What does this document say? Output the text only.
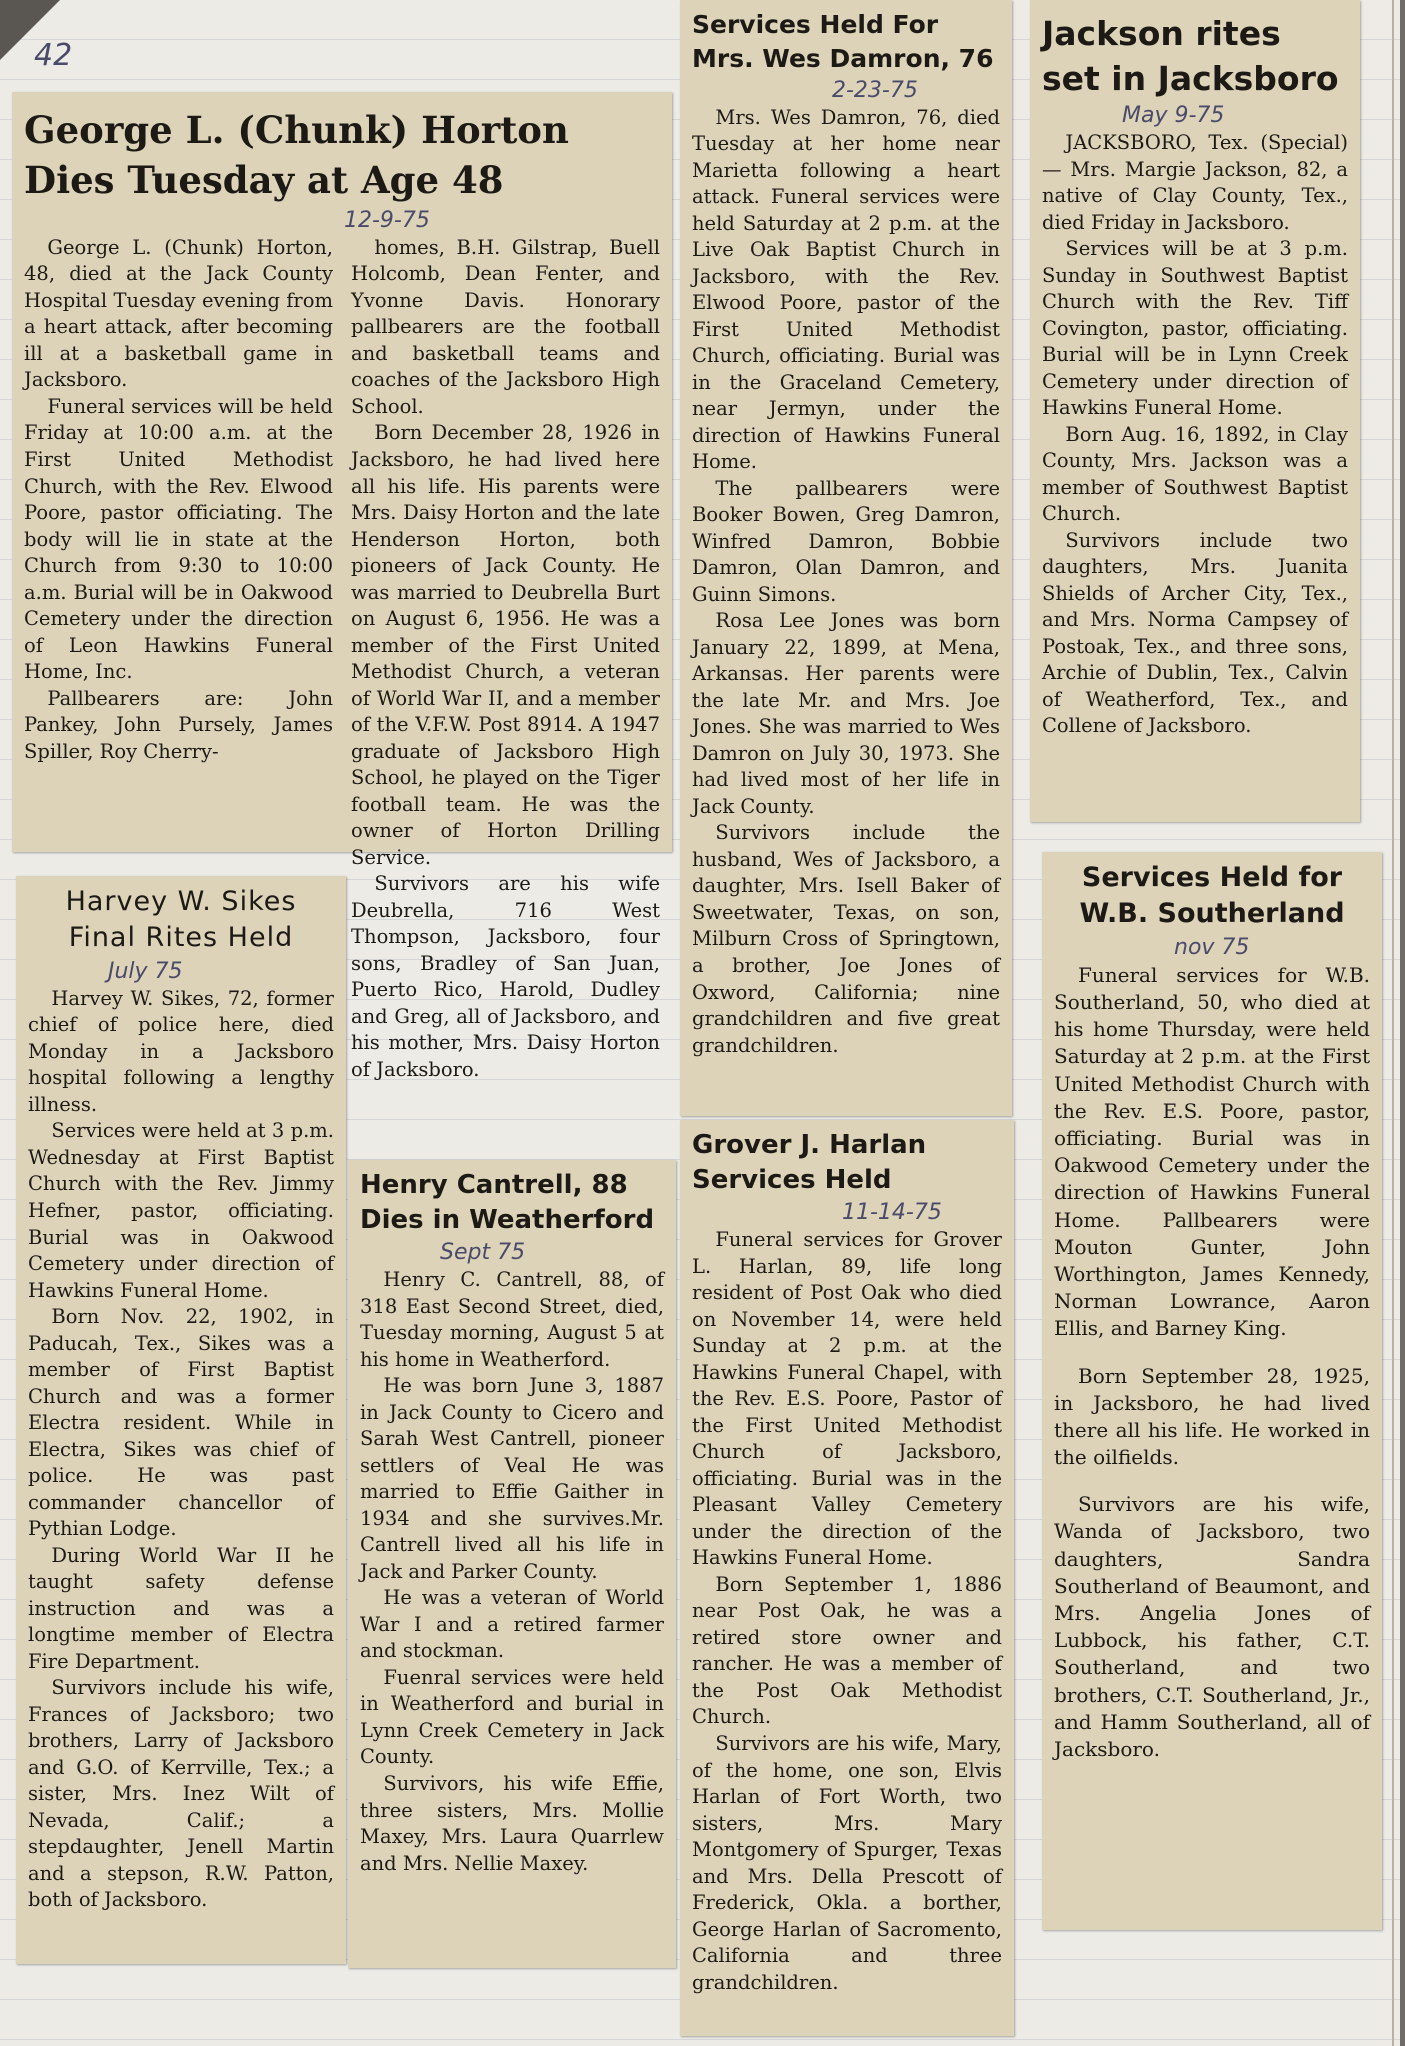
42
George L. (Chunk) Horton Dies Tuesday at Age 48
12-9-75

George L. (Chunk) Horton, 48, died at the Jack County Hospital Tuesday evening from a heart attack, after becoming ill at a basketball game in Jacksboro.

Funeral services will be held Friday at 10:00 a.m. at the First United Methodist Church, with the Rev. Elwood Poore, pastor officiating. The body will lie in state at the Church from 9:30 to 10:00 a.m. Burial will be in Oakwood Cemetery under the direction of Leon Hawkins Funeral Home, Inc.

Pallbearers are: John Pankey, John Pursely, James Spiller, Roy Cherry-

homes, B.H. Gilstrap, Buell Holcomb, Dean Fenter, and Yvonne Davis. Honorary pallbearers are the football and basketball teams and coaches of the Jacksboro High School.

Born December 28, 1926 in Jacksboro, he had lived here all his life. His parents were Mrs. Daisy Horton and the late Henderson Horton, both pioneers of Jack County. He was married to Deubrella Burt on August 6, 1956. He was a member of the First United Methodist Church, a veteran of World War II, and a member of the V.F.W. Post 8914. A 1947 graduate of Jacksboro High School, he played on the Tiger football team. He was the owner of Horton Drilling Service.

Survivors are his wife Deubrella, 716 West Thompson, Jacksboro, four sons, Bradley of San Juan, Puerto Rico, Harold, Dudley and Greg, all of Jacksboro, and his mother, Mrs. Daisy Horton of Jacksboro.

Services Held For Mrs. Wes Damron, 76
2-23-75

Mrs. Wes Damron, 76, died Tuesday at her home near Marietta following a heart attack. Funeral services were held Saturday at 2 p.m. at the Live Oak Baptist Church in Jacksboro, with the Rev. Elwood Poore, pastor of the First United Methodist Church, officiating. Burial was in the Graceland Cemetery, near Jermyn, under the direction of Hawkins Funeral Home.

The pallbearers were Booker Bowen, Greg Damron, Winfred Damron, Bobbie Damron, Olan Damron, and Guinn Simons.

Rosa Lee Jones was born January 22, 1899, at Mena, Arkansas. Her parents were the late Mr. and Mrs. Joe Jones. She was married to Wes Damron on July 30, 1973. She had lived most of her life in Jack County.

Survivors include the husband, Wes of Jacksboro, a daughter, Mrs. Isell Baker of Sweetwater, Texas, on son, Milburn Cross of Springtown, a brother, Joe Jones of Oxword, California; nine grandchildren and five great grandchildren.

Jackson rites set in Jacksboro
May 9-75

JACKSBORO, Tex. (Special) — Mrs. Margie Jackson, 82, a native of Clay County, Tex., died Friday in Jacksboro.

Services will be at 3 p.m. Sunday in Southwest Baptist Church with the Rev. Tiff Covington, pastor, officiating. Burial will be in Lynn Creek Cemetery under direction of Hawkins Funeral Home.

Born Aug. 16, 1892, in Clay County, Mrs. Jackson was a member of Southwest Baptist Church.

Survivors include two daughters, Mrs. Juanita Shields of Archer City, Tex., and Mrs. Norma Campsey of Postoak, Tex., and three sons, Archie of Dublin, Tex., Calvin of Weatherford, Tex., and Collene of Jacksboro.

Harvey W. Sikes Final Rites Held
July 75

Harvey W. Sikes, 72, former chief of police here, died Monday in a Jacksboro hospital following a lengthy illness.

Services were held at 3 p.m. Wednesday at First Baptist Church with the Rev. Jimmy Hefner, pastor, officiating. Burial was in Oakwood Cemetery under direction of Hawkins Funeral Home.

Born Nov. 22, 1902, in Paducah, Tex., Sikes was a member of First Baptist Church and was a former Electra resident. While in Electra, Sikes was chief of police. He was past commander chancellor of Pythian Lodge.

During World War II he taught safety defense instruction and was a longtime member of Electra Fire Department.

Survivors include his wife, Frances of Jacksboro; two brothers, Larry of Jacksboro and G.O. of Kerrville, Tex.; a sister, Mrs. Inez Wilt of Nevada, Calif.; a stepdaughter, Jenell Martin and a stepson, R.W. Patton, both of Jacksboro.

Henry Cantrell, 88 Dies in Weatherford
Sept 75

Henry C. Cantrell, 88, of 318 East Second Street, died, Tuesday morning, August 5 at his home in Weatherford.

He was born June 3, 1887 in Jack County to Cicero and Sarah West Cantrell, pioneer settlers of Veal He was married to Effie Gaither in 1934 and she survives.Mr. Cantrell lived all his life in Jack and Parker County.

He was a veteran of World War I and a retired farmer and stockman.

Fuenral services were held in Weatherford and burial in Lynn Creek Cemetery in Jack County.

Survivors, his wife Effie, three sisters, Mrs. Mollie Maxey, Mrs. Laura Quarrlew and Mrs. Nellie Maxey.

Grover J. Harlan Services Held
11-14-75

Funeral services for Grover L. Harlan, 89, life long resident of Post Oak who died on November 14, were held Sunday at 2 p.m. at the Hawkins Funeral Chapel, with the Rev. E.S. Poore, Pastor of the First United Methodist Church of Jacksboro, officiating. Burial was in the Pleasant Valley Cemetery under the direction of the Hawkins Funeral Home.

Born September 1, 1886 near Post Oak, he was a retired store owner and rancher. He was a member of the Post Oak Methodist Church.

Survivors are his wife, Mary, of the home, one son, Elvis Harlan of Fort Worth, two sisters, Mrs. Mary Montgomery of Spurger, Texas and Mrs. Della Prescott of Frederick, Okla. a borther, George Harlan of Sacromento, California and three grandchildren.

Services Held for W.B. Southerland
nov 75

Funeral services for W.B. Southerland, 50, who died at his home Thursday, were held Saturday at 2 p.m. at the First United Methodist Church with the Rev. E.S. Poore, pastor, officiating. Burial was in Oakwood Cemetery under the direction of Hawkins Funeral Home. Pallbearers were Mouton Gunter, John Worthington, James Kennedy, Norman Lowrance, Aaron Ellis, and Barney King.

Born September 28, 1925, in Jacksboro, he had lived there all his life. He worked in the oilfields.

Survivors are his wife, Wanda of Jacksboro, two daughters, Sandra Southerland of Beaumont, and Mrs. Angelia Jones of Lubbock, his father, C.T. Southerland, and two brothers, C.T. Southerland, Jr., and Hamm Southerland, all of Jacksboro.
